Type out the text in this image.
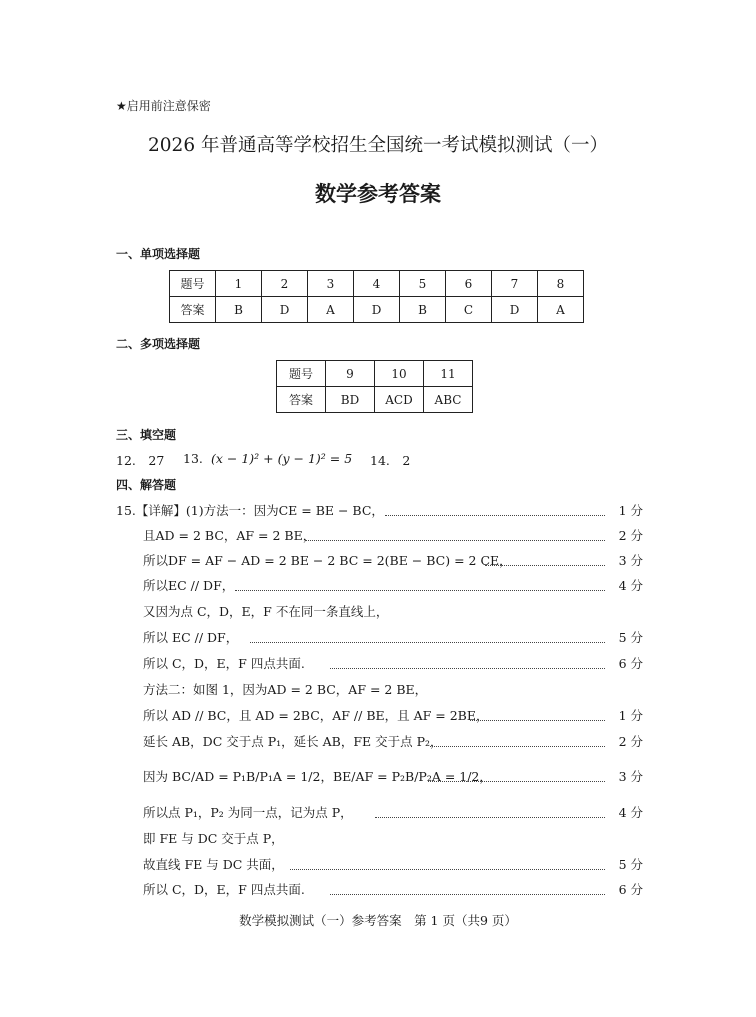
★启用前注意保密
2026 年普通高等学校招生全国统一考试模拟测试（一）
数学参考答案
一、单项选择题
题号	1	2	3	4	5	6	7	8
答案	B	D	A	D	B	C	D	A
二、多项选择题
题号	9	10	11
答案	BD	ACD	ABC
三、填空题
12.　27 13. (x − 1)² + (y − 1)² = 5 14.　2
四、解答题
15.【详解】(1)方法一：因为CE = BE − BC，	1 分
且AD = 2 BC，AF = 2 BE，	2 分
所以DF = AF − AD = 2 BE − 2 BC = 2(BE − BC) = 2 CE，	3 分
所以EC // DF，	4 分
又因为点 C，D，E，F 不在同一条直线上，
所以 EC // DF，	5 分
所以 C，D，E，F 四点共面.	6 分
方法二：如图 1，因为AD = 2 BC，AF = 2 BE，
所以 AD // BC，且 AD = 2BC，AF // BE，且 AF = 2BE，	1 分
延长 AB，DC 交于点 P₁，延长 AB，FE 交于点 P₂，	2 分
因为 BC/AD = P₁B/P₁A = 1/2，BE/AF = P₂B/P₂A = 1/2，	3 分
所以点 P₁，P₂ 为同一点，记为点 P，	4 分
即 FE 与 DC 交于点 P，
故直线 FE 与 DC 共面，	5 分
所以 C，D，E，F 四点共面.	6 分
数学模拟测试（一）参考答案　第 1 页（共9 页）
